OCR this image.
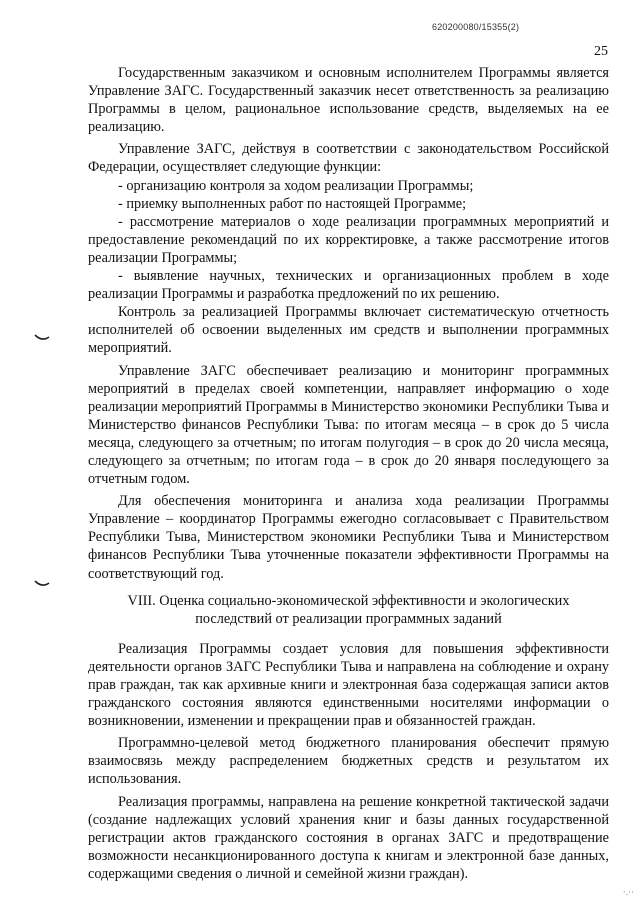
620200080/15355(2)
25

Государственным заказчиком и основным исполнителем Программы является Управление ЗАГС. Государственный заказчик несет ответственность за реализацию Программы в целом, рациональное использование средств, выделяемых на ее реализацию.

Управление ЗАГС, действуя в соответствии с законодательством Российской Федерации, осуществляет следующие функции:

- организацию контроля за ходом реализации Программы;

- приемку выполненных работ по настоящей Программе;

- рассмотрение материалов о ходе реализации программных мероприятий и предоставление рекомендаций по их корректировке, а также рассмотрение итогов реализации Программы;

- выявление научных, технических и организационных проблем в ходе реализации Программы и разработка предложений по их решению.

Контроль за реализацией Программы включает систематическую отчетность исполнителей об освоении выделенных им средств и выполнении программных мероприятий.

Управление ЗАГС обеспечивает реализацию и мониторинг программных мероприятий в пределах своей компетенции, направляет информацию о ходе реализации мероприятий Программы в Министерство экономики Республики Тыва и Министерство финансов Республики Тыва: по итогам месяца – в срок до 5 числа месяца, следующего за отчетным; по итогам полугодия – в срок до 20 числа месяца, следующего за отчетным; по итогам года – в срок до 20 января последующего за отчетным годом.

Для обеспечения мониторинга и анализа хода реализации Программы Управление – координатор Программы ежегодно согласовывает с Правительством Республики Тыва, Министерством экономики Республики Тыва и Министерством финансов Республики Тыва уточненные показатели эффективности Программы на соответствующий год.

VIII. Оценка социально-экономической эффективности и экологических
последствий от реализации программных заданий

Реализация Программы создает условия для повышения эффективности деятельности органов ЗАГС Республики Тыва и направлена на соблюдение и охрану прав граждан, так как архивные книги и электронная база содержащая записи актов гражданского состояния являются единственными носителями информации о возникновении, изменении и прекращении прав и обязанностей граждан.

Программно-целевой метод бюджетного планирования обеспечит прямую взаимосвязь между распределением бюджетных средств и результатом их использования.

Реализация программы, направлена на решение конкретной тактической задачи (создание надлежащих условий хранения книг и базы данных государственной регистрации актов гражданского состояния в органах ЗАГС и предотвращение возможности несанкционированного доступа к книгам и электронной базе данных, содержащими сведения о личной и семейной жизни граждан).

·.··
